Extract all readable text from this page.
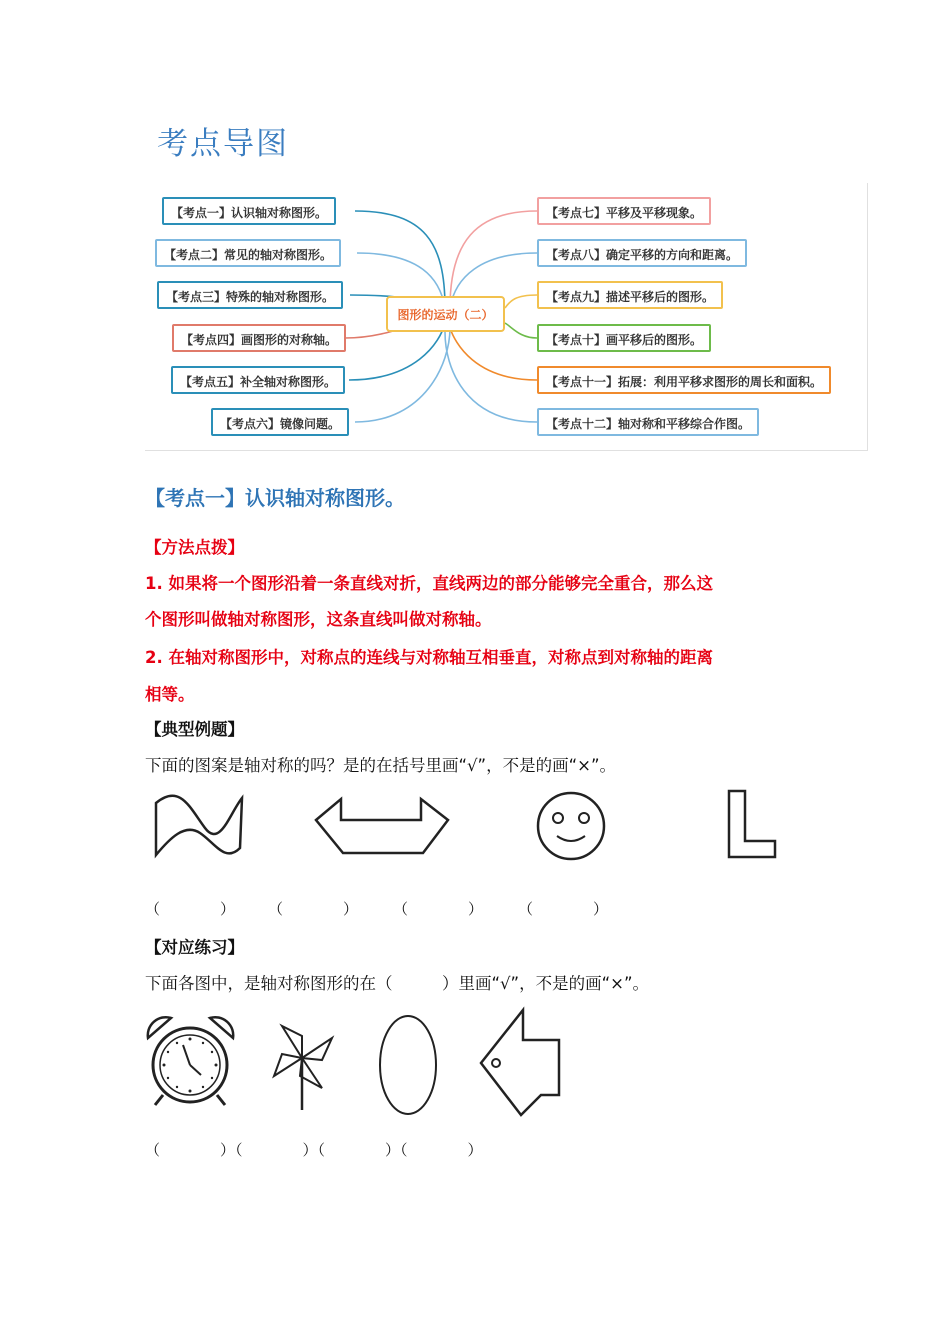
考点导图
图形的运动（二）
【考点一】认识轴对称图形。
【考点二】常见的轴对称图形。
【考点三】特殊的轴对称图形。
【考点四】画图形的对称轴。
【考点五】补全轴对称图形。
【考点六】镜像问题。
【考点七】平移及平移现象。
【考点八】确定平移的方向和距离。
【考点九】描述平移后的图形。
【考点十】画平移后的图形。
【考点十一】拓展：利用平移求图形的周长和面积。
【考点十二】轴对称和平移综合作图。
【考点一】认识轴对称图形。
【方法点拨】
1. 如果将一个图形沿着一条直线对折，直线两边的部分能够完全重合，那么这
个图形叫做轴对称图形，这条直线叫做对称轴。
2. 在轴对称图形中，对称点的连线与对称轴互相垂直，对称点到对称轴的距离
相等。
【典型例题】
下面的图案是轴对称的吗？是的在括号里画“√”，不是的画“×”。
（　　　　） （　　　　） （　　　　） （　　　　）
【对应练习】
下面各图中，是轴对称图形的在（　　　）里画“√”，不是的画“×”。
（　　　　）（　　　　）（　　　　）（　　　　）
